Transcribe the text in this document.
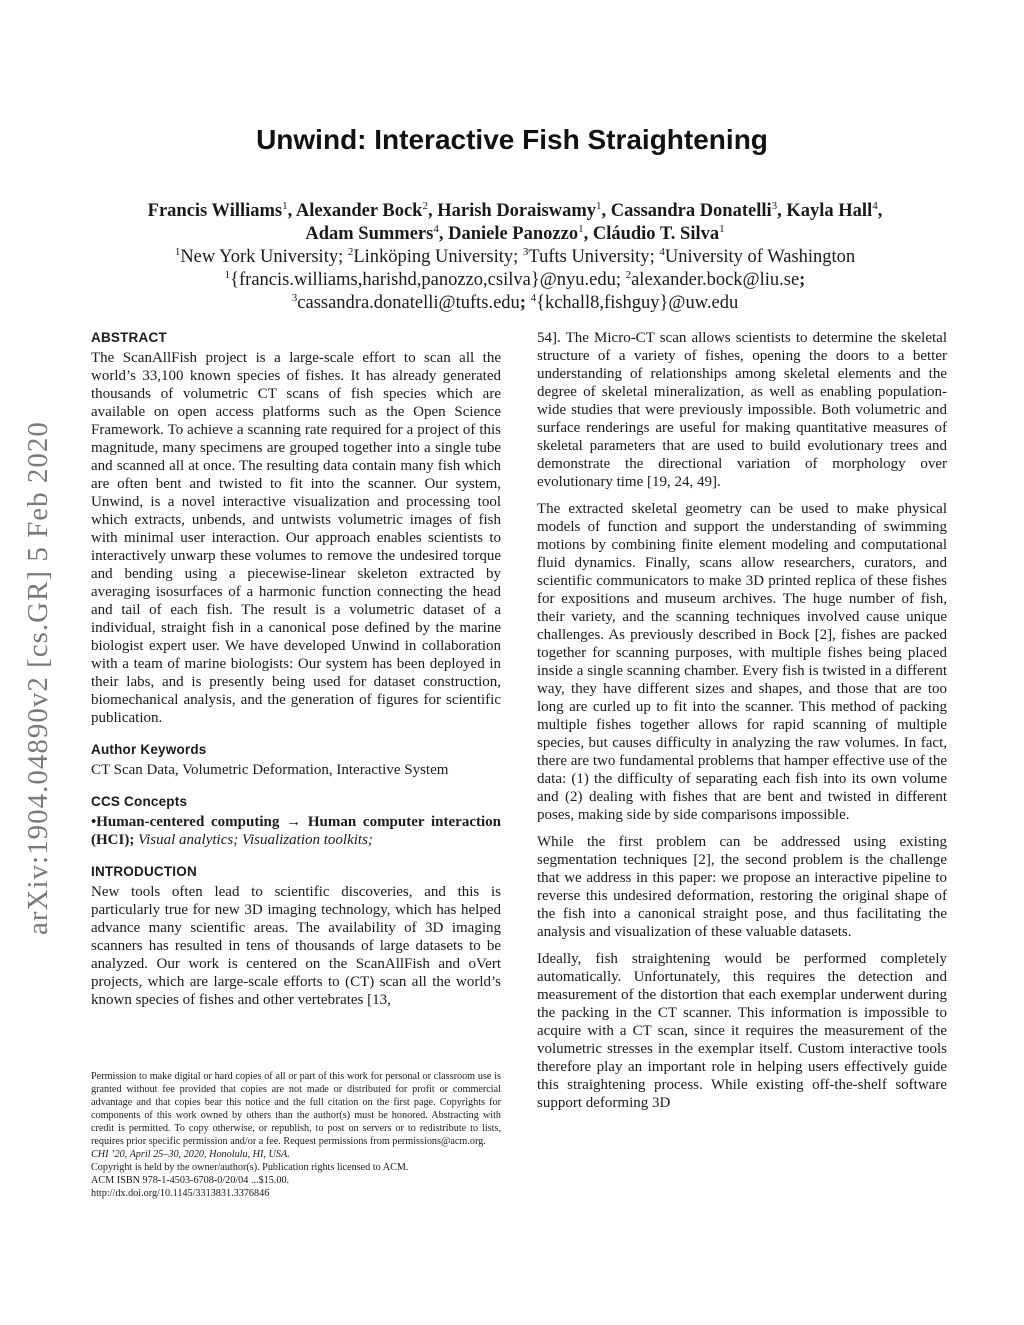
arXiv:1904.04890v2 [cs.GR] 5 Feb 2020
Unwind: Interactive Fish Straightening
Francis Williams$^1$, Alexander Bock$^2$, Harish Doraiswamy$^1$, Cassandra Donatelli$^3$, Kayla Hall$^4$,
Adam Summers$^4$, Daniele Panozzo$^1$, Cláudio T. Silva$^1$
$^1$New York University; $^2$Linköping University; $^3$Tufts University; $^4$University of Washington
$^1${francis.williams,harishd,panozzo,csilva}@nyu.edu; $^2$alexander.bock@liu.se;
$^3$cassandra.donatelli@tufts.edu; $^4${kchall8,fishguy}@uw.edu
ABSTRACT

The ScanAllFish project is a large-scale effort to scan all the world’s 33,100 known species of fishes. It has already generated thousands of volumetric CT scans of fish species which are available on open access platforms such as the Open Science Framework. To achieve a scanning rate required for a project of this magnitude, many specimens are grouped together into a single tube and scanned all at once. The resulting data contain many fish which are often bent and twisted to fit into the scanner. Our system, Unwind, is a novel interactive visualization and processing tool which extracts, unbends, and untwists volumetric images of fish with minimal user interaction. Our approach enables scientists to interactively unwarp these volumes to remove the undesired torque and bending using a piecewise-linear skeleton extracted by averaging isosurfaces of a harmonic function connecting the head and tail of each fish. The result is a volumetric dataset of a individual, straight fish in a canonical pose defined by the marine biologist expert user. We have developed Unwind in collaboration with a team of marine biologists: Our system has been deployed in their labs, and is presently being used for dataset construction, biomechanical analysis, and the generation of figures for scientific publication.

Author Keywords

CT Scan Data, Volumetric Deformation, Interactive System

CCS Concepts

•Human-centered computing → Human computer interaction (HCI); Visual analytics; Visualization toolkits;

INTRODUCTION

New tools often lead to scientific discoveries, and this is particularly true for new 3D imaging technology, which has helped advance many scientific areas. The availability of 3D imaging scanners has resulted in tens of thousands of large datasets to be analyzed. Our work is centered on the ScanAllFish and oVert projects, which are large-scale efforts to (CT) scan all the world’s known species of fishes and other vertebrates [13,

Permission to make digital or hard copies of all or part of this work for personal or classroom use is granted without fee provided that copies are not made or distributed for profit or commercial advantage and that copies bear this notice and the full citation on the first page. Copyrights for components of this work owned by others than the author(s) must be honored. Abstracting with credit is permitted. To copy otherwise, or republish, to post on servers or to redistribute to lists, requires prior specific permission and/or a fee. Request permissions from permissions@acm.org.

CHI ’20, April 25–30, 2020, Honolulu, HI, USA.

Copyright is held by the owner/author(s). Publication rights licensed to ACM.

ACM ISBN 978-1-4503-6708-0/20/04 ...$15.00.

http://dx.doi.org/10.1145/3313831.3376846

54]. The Micro-CT scan allows scientists to determine the skeletal structure of a variety of fishes, opening the doors to a better understanding of relationships among skeletal elements and the degree of skeletal mineralization, as well as enabling population-wide studies that were previously impossible. Both volumetric and surface renderings are useful for making quantitative measures of skeletal parameters that are used to build evolutionary trees and demonstrate the directional variation of morphology over evolutionary time [19, 24, 49].

The extracted skeletal geometry can be used to make physical models of function and support the understanding of swimming motions by combining finite element modeling and computational fluid dynamics. Finally, scans allow researchers, curators, and scientific communicators to make 3D printed replica of these fishes for expositions and museum archives. The huge number of fish, their variety, and the scanning techniques involved cause unique challenges. As previously described in Bock [2], fishes are packed together for scanning purposes, with multiple fishes being placed inside a single scanning chamber. Every fish is twisted in a different way, they have different sizes and shapes, and those that are too long are curled up to fit into the scanner. This method of packing multiple fishes together allows for rapid scanning of multiple species, but causes difficulty in analyzing the raw volumes. In fact, there are two fundamental problems that hamper effective use of the data: (1) the difficulty of separating each fish into its own volume and (2) dealing with fishes that are bent and twisted in different poses, making side by side comparisons impossible.

While the first problem can be addressed using existing segmentation techniques [2], the second problem is the challenge that we address in this paper: we propose an interactive pipeline to reverse this undesired deformation, restoring the original shape of the fish into a canonical straight pose, and thus facilitating the analysis and visualization of these valuable datasets.

Ideally, fish straightening would be performed completely automatically. Unfortunately, this requires the detection and measurement of the distortion that each exemplar underwent during the packing in the CT scanner. This information is impossible to acquire with a CT scan, since it requires the measurement of the volumetric stresses in the exemplar itself. Custom interactive tools therefore play an important role in helping users effectively guide this straightening process. While existing off-the-shelf software support deforming 3D
